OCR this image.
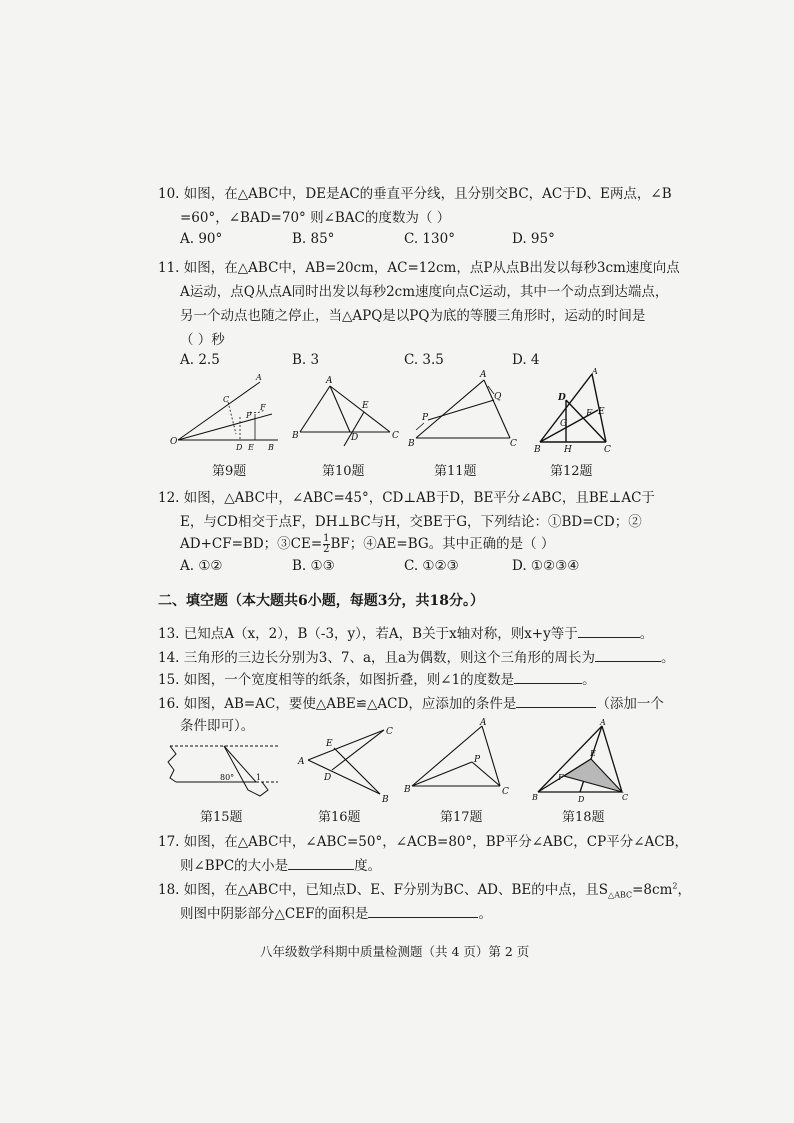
10. 如图，在△ABC中，DE是AC的垂直平分线，且分别交BC，AC于D、E两点，∠B
=60°，∠BAD=70° 则∠BAC的度数为（ ）
A. 90°	B. 85°	C. 130°	D. 95°
11. 如图，在△ABC中，AB=20cm，AC=12cm，点P从点B出发以每秒3cm速度向点
A运动，点Q从点A同时出发以每秒2cm速度向点C运动，其中一个动点到达端点，
另一个动点也随之停止，当△APQ是以PQ为底的等腰三角形时，运动的时间是
（ ）秒
A. 2.5	B. 3	C. 3.5	D. 4
A
C
P
F
O
D E B
A
E
B	D	C
A
Q
P
B	C
A
D
F E
G
B	H	C
第9题	第10题	第11题	第12题
12. 如图，△ABC中，∠ABC=45°，CD⊥AB于D，BE平分∠ABC，且BE⊥AC于
E，与CD相交于点F，DH⊥BC与H，交BE于G，下列结论：①BD=CD；②
AD+CF=BD；③CE= $\frac{1}{2}$ BF；④AE=BG。其中正确的是（ ）
A. ①②	B. ①③	C. ①②③	D. ①②③④
二、填空题（本大题共6小题，每题3分，共18分。）
13. 已知点A（x，2），B（-3，y），若A，B关于x轴对称，则x+y等于	。
14. 三角形的三边长分别为3、7、a，且a为偶数，则这个三角形的周长为	。
15. 如图，一个宽度相等的纸条，如图折叠，则∠1的度数是	。
16. 如图，AB=AC，要使△ABE≌△ACD，应添加的条件是	（添加一个
条件即可）。
80°	1
C
E
A
D
B
A
P
B	C
A
E
F
B	D	C
第15题	第16题	第17题	第18题
17. 如图，在△ABC中，∠ABC=50°，∠ACB=80°，BP平分∠ABC，CP平分∠ACB，
则∠BPC的大小是	度。
18. 如图，在△ABC中，已知点D、E、F分别为BC、AD、BE的中点，且$S_{\triangle ABC}=8cm^2$，
则图中阴影部分△CEF的面积是	。
八年级数学科期中质量检测题（共 4 页）第 2 页
